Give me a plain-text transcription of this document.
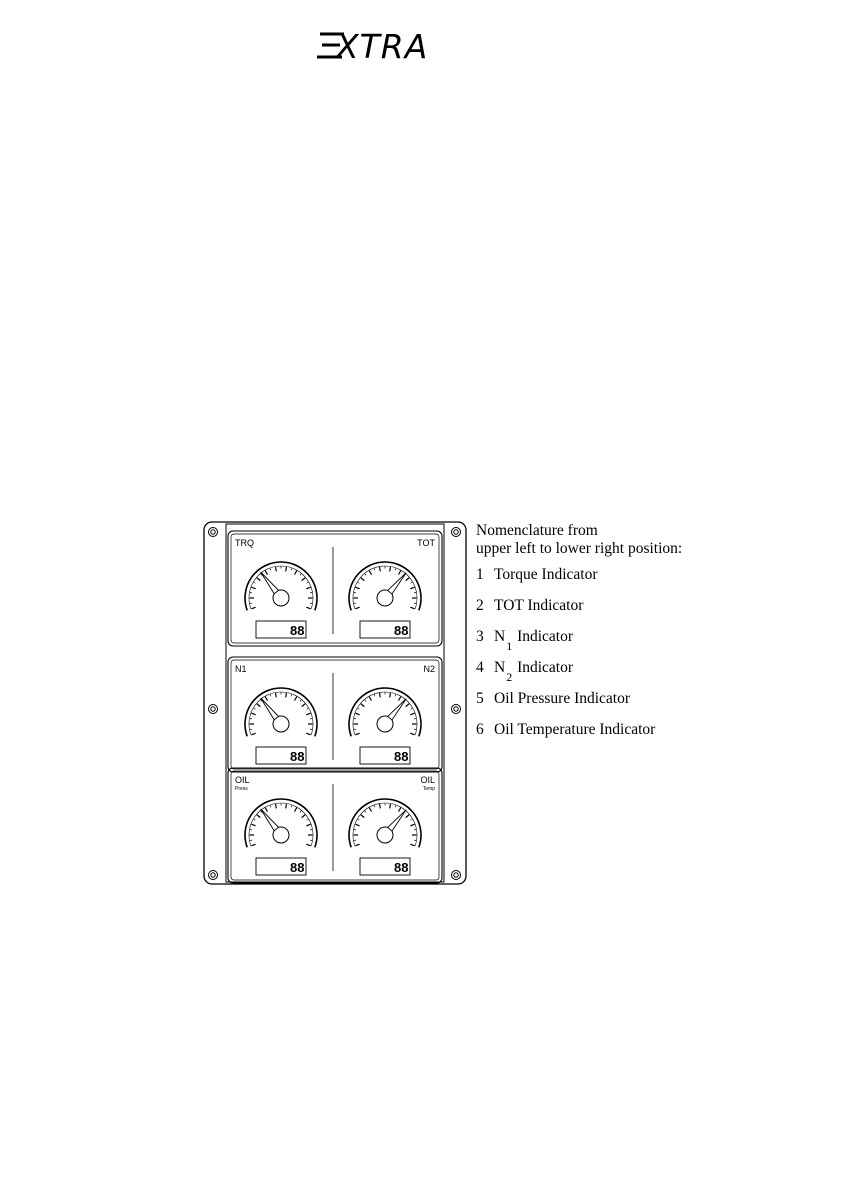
XTRA
88
TRQ
88
TOT
88
N1
88
N2
88
OIL
Press
88
OIL
Temp
Nomenclature from
upper left to lower right position:
1 Torque Indicator
2 TOT Indicator
3 $N_1$ Indicator
4 $N_2$ Indicator
5 Oil Pressure Indicator
6 Oil Temperature Indicator
